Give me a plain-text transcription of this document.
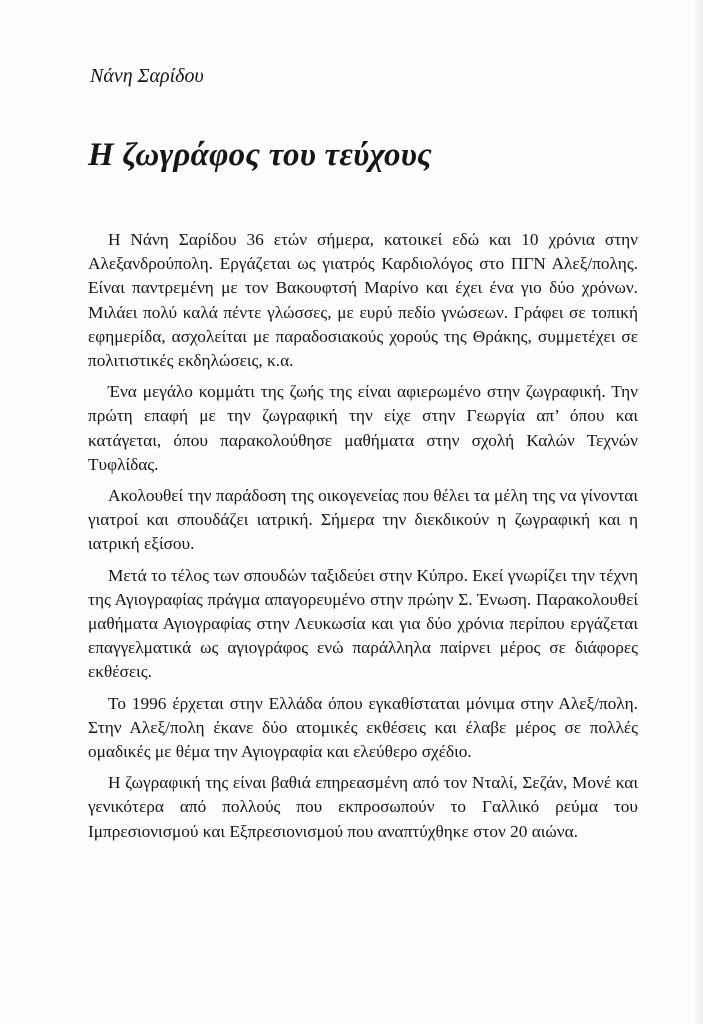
Νάνη Σαρίδου

Η ζωγράφος του τεύχους

Η Νάνη Σαρίδου 36 ετών σήμερα, κατοικεί εδώ και 10 χρόνια στην Αλεξανδρούπολη. Εργάζεται ως γιατρός Καρδιολόγος στο ΠΓΝ Αλεξ/πολης. Είναι παντρεμένη με τον Βακουφτσή Μαρίνο και έχει ένα γιο δύο χρόνων. Μιλάει πολύ καλά πέντε γλώσσες, με ευρύ πεδίο γνώσεων. Γράφει σε τοπική εφημερίδα, ασχολείται με παραδοσιακούς χορούς της Θράκης, συμμετέχει σε πολιτιστικές εκδηλώσεις, κ.α.

Ένα μεγάλο κομμάτι της ζωής της είναι αφιερωμένο στην ζωγραφική. Την πρώτη επαφή με την ζωγραφική την είχε στην Γεωργία απ’ όπου και κατάγεται, όπου παρακολούθησε μαθήματα στην σχολή Καλών Τεχνών Τυφλίδας.

Ακολουθεί την παράδοση της οικογενείας που θέλει τα μέλη της να γίνονται γιατροί και σπουδάζει ιατρική. Σήμερα την διεκδικούν η ζωγραφική και η ιατρική εξίσου.

Μετά το τέλος των σπουδών ταξιδεύει στην Κύπρο. Εκεί γνωρίζει την τέχνη της Αγιογραφίας πράγμα απαγορευμένο στην πρώην Σ. Ένωση. Παρακολουθεί μαθήματα Αγιογραφίας στην Λευκωσία και για δύο χρόνια περίπου εργάζεται επαγγελματικά ως αγιογράφος ενώ παράλληλα παίρνει μέρος σε διάφορες εκθέσεις.

Το 1996 έρχεται στην Ελλάδα όπου εγκαθίσταται μόνιμα στην Αλεξ/πολη. Στην Αλεξ/πολη έκανε δύο ατομικές εκθέσεις και έλαβε μέρος σε πολλές ομαδικές με θέμα την Αγιογραφία και ελεύθερο σχέδιο.

Η ζωγραφική της είναι βαθιά επηρεασμένη από τον Νταλί, Σεζάν, Μονέ και γενικότερα από πολλούς που εκπροσωπούν το Γαλλικό ρεύμα του Ιμπρεσιονισμού και Εξπρεσιονισμού που αναπτύχθηκε στον 20 αιώνα.
